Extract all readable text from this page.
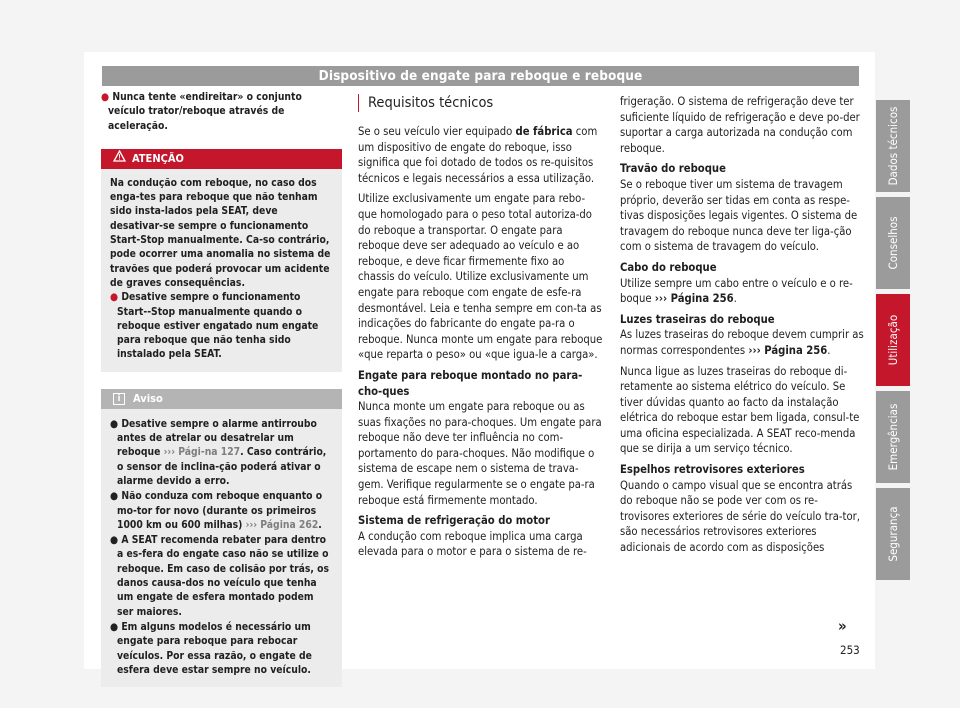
Dispositivo de engate para reboque e reboque

● Nunca tente «endireitar» o conjunto veículo trator/reboque através de aceleração.

ATENÇÃO

Na condução com reboque, no caso dos enga-tes para reboque que não tenham sido insta-lados pela SEAT, deve desativar-se sempre o funcionamento Start-Stop manualmente. Ca-so contrário, pode ocorrer uma anomalia no sistema de travões que poderá provocar um acidente de graves consequências.

● Desative sempre o funcionamento Start--Stop manualmente quando o reboque estiver engatado num engate para reboque que não tenha sido instalado pela SEAT.

i Aviso

● Desative sempre o alarme antirroubo antes de atrelar ou desatrelar um reboque ››› Pági-na 127. Caso contrário, o sensor de inclina-ção poderá ativar o alarme devido a erro.

● Não conduza com reboque enquanto o mo-tor for novo (durante os primeiros 1000 km ou 600 milhas) ››› Página 262.

● A SEAT recomenda rebater para dentro a es-fera do engate caso não se utilize o reboque. Em caso de colisão por trás, os danos causa-dos no veículo que tenha um engate de esfera montado podem ser maiores.

● Em alguns modelos é necessário um engate para reboque para rebocar veículos. Por essa razão, o engate de esfera deve estar sempre no veículo.

Requisitos técnicos

Se o seu veículo vier equipado de fábrica com um dispositivo de engate do reboque, isso significa que foi dotado de todos os re-quisitos técnicos e legais necessários a essa utilização.

Utilize exclusivamente um engate para rebo-que homologado para o peso total autoriza-do do reboque a transportar. O engate para reboque deve ser adequado ao veículo e ao reboque, e deve ficar firmemente fixo ao chassis do veículo. Utilize exclusivamente um engate para reboque com engate de esfe-ra desmontável. Leia e tenha sempre em con-ta as indicações do fabricante do engate pa-ra o reboque. Nunca monte um engate para reboque «que reparta o peso» ou «que igua-le a carga».

Engate para reboque montado no para-cho-ques

Nunca monte um engate para reboque ou as suas fixações no para-choques. Um engate para reboque não deve ter influência no com-portamento do para-choques. Não modifique o sistema de escape nem o sistema de trava-gem. Verifique regularmente se o engate pa-ra reboque está firmemente montado.

Sistema de refrigeração do motor

A condução com reboque implica uma carga elevada para o motor e para o sistema de re-

frigeração. O sistema de refrigeração deve ter suficiente líquido de refrigeração e deve po-der suportar a carga autorizada na condução com reboque.

Travão do reboque

Se o reboque tiver um sistema de travagem próprio, deverão ser tidas em conta as respe-tivas disposições legais vigentes. O sistema de travagem do reboque nunca deve ter liga-ção com o sistema de travagem do veículo.

Cabo do reboque

Utilize sempre um cabo entre o veículo e o re-boque ››› Página 256.

Luzes traseiras do reboque

As luzes traseiras do reboque devem cumprir as normas correspondentes ››› Página 256.

Nunca ligue as luzes traseiras do reboque di-retamente ao sistema elétrico do veículo. Se tiver dúvidas quanto ao facto da instalação elétrica do reboque estar bem ligada, consul-te uma oficina especializada. A SEAT reco-menda que se dirija a um serviço técnico.

Espelhos retrovisores exteriores

Quando o campo visual que se encontra atrás do reboque não se pode ver com os re-trovisores exteriores de série do veículo tra-tor, são necessários retrovisores exteriores adicionais de acordo com as disposições

»
253
Dados técnicos
Conselhos
Utilização
Emergências
Segurança
